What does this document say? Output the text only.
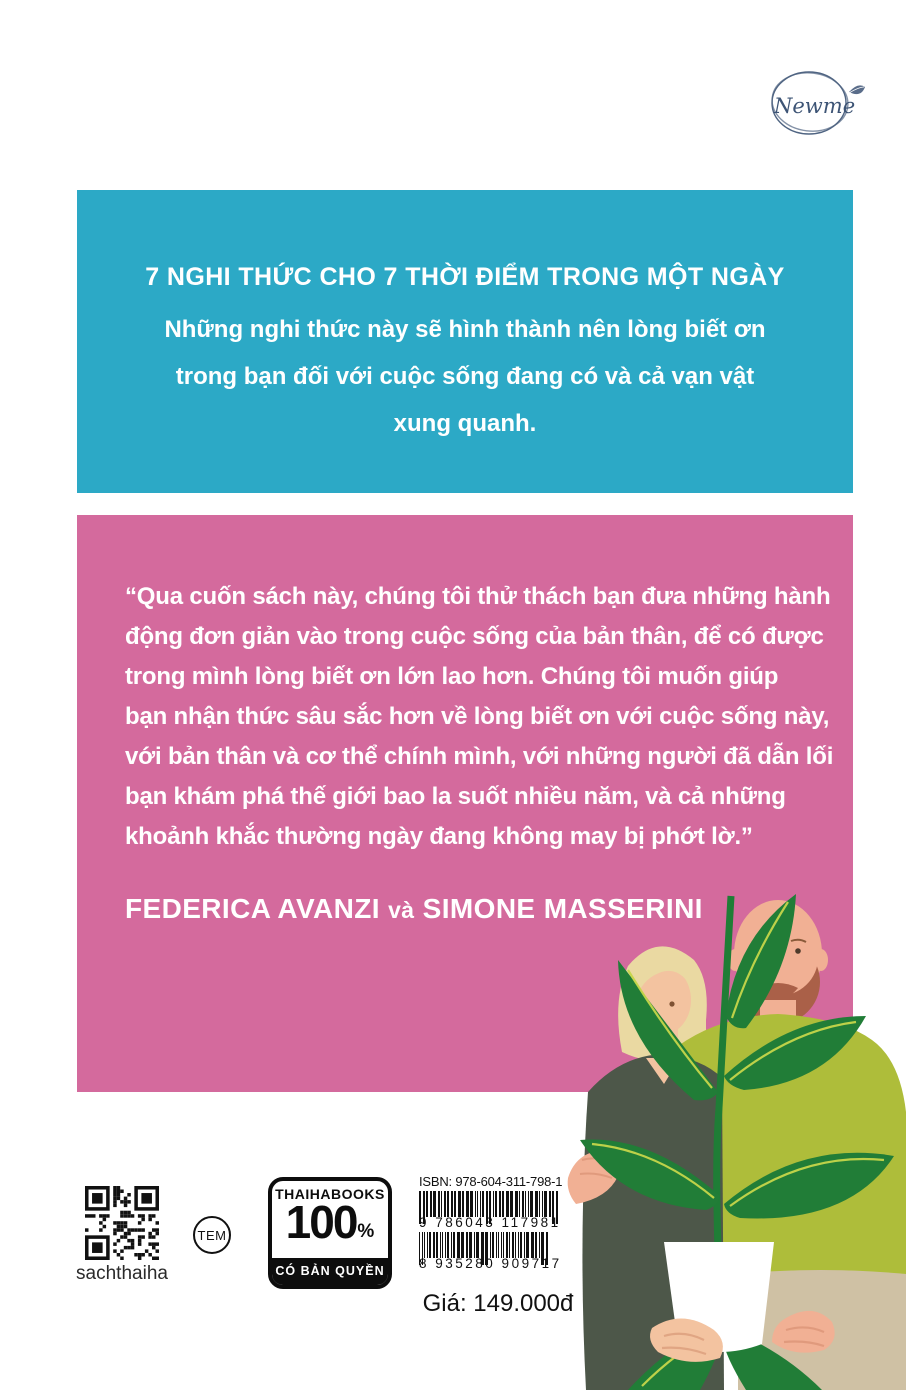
Newme
7 NGHI THỨC CHO 7 THỜI ĐIỂM TRONG MỘT NGÀY
Những nghi thức này sẽ hình thành nên lòng biết ơn
trong bạn đối với cuộc sống đang có và cả vạn vật
xung quanh.
“Qua cuốn sách này, chúng tôi thử thách bạn đưa những hành
động đơn giản vào trong cuộc sống của bản thân, để có được
trong mình lòng biết ơn lớn lao hơn. Chúng tôi muốn giúp
bạn nhận thức sâu sắc hơn về lòng biết ơn với cuộc sống này,
với bản thân và cơ thể chính mình, với những người đã dẫn lối
bạn khám phá thế giới bao la suốt nhiều năm, và cả những
khoảnh khắc thường ngày đang không may bị phớt lờ.”
FEDERICA AVANZI và SIMONE MASSERINI
sachthaiha
TEM
THAIHABOOKS
100 %
CÓ BẢN QUYỀN
ISBN: 978-604-311-798-1
9 786043 117981
8 935280 909717
Giá: 149.000đ
